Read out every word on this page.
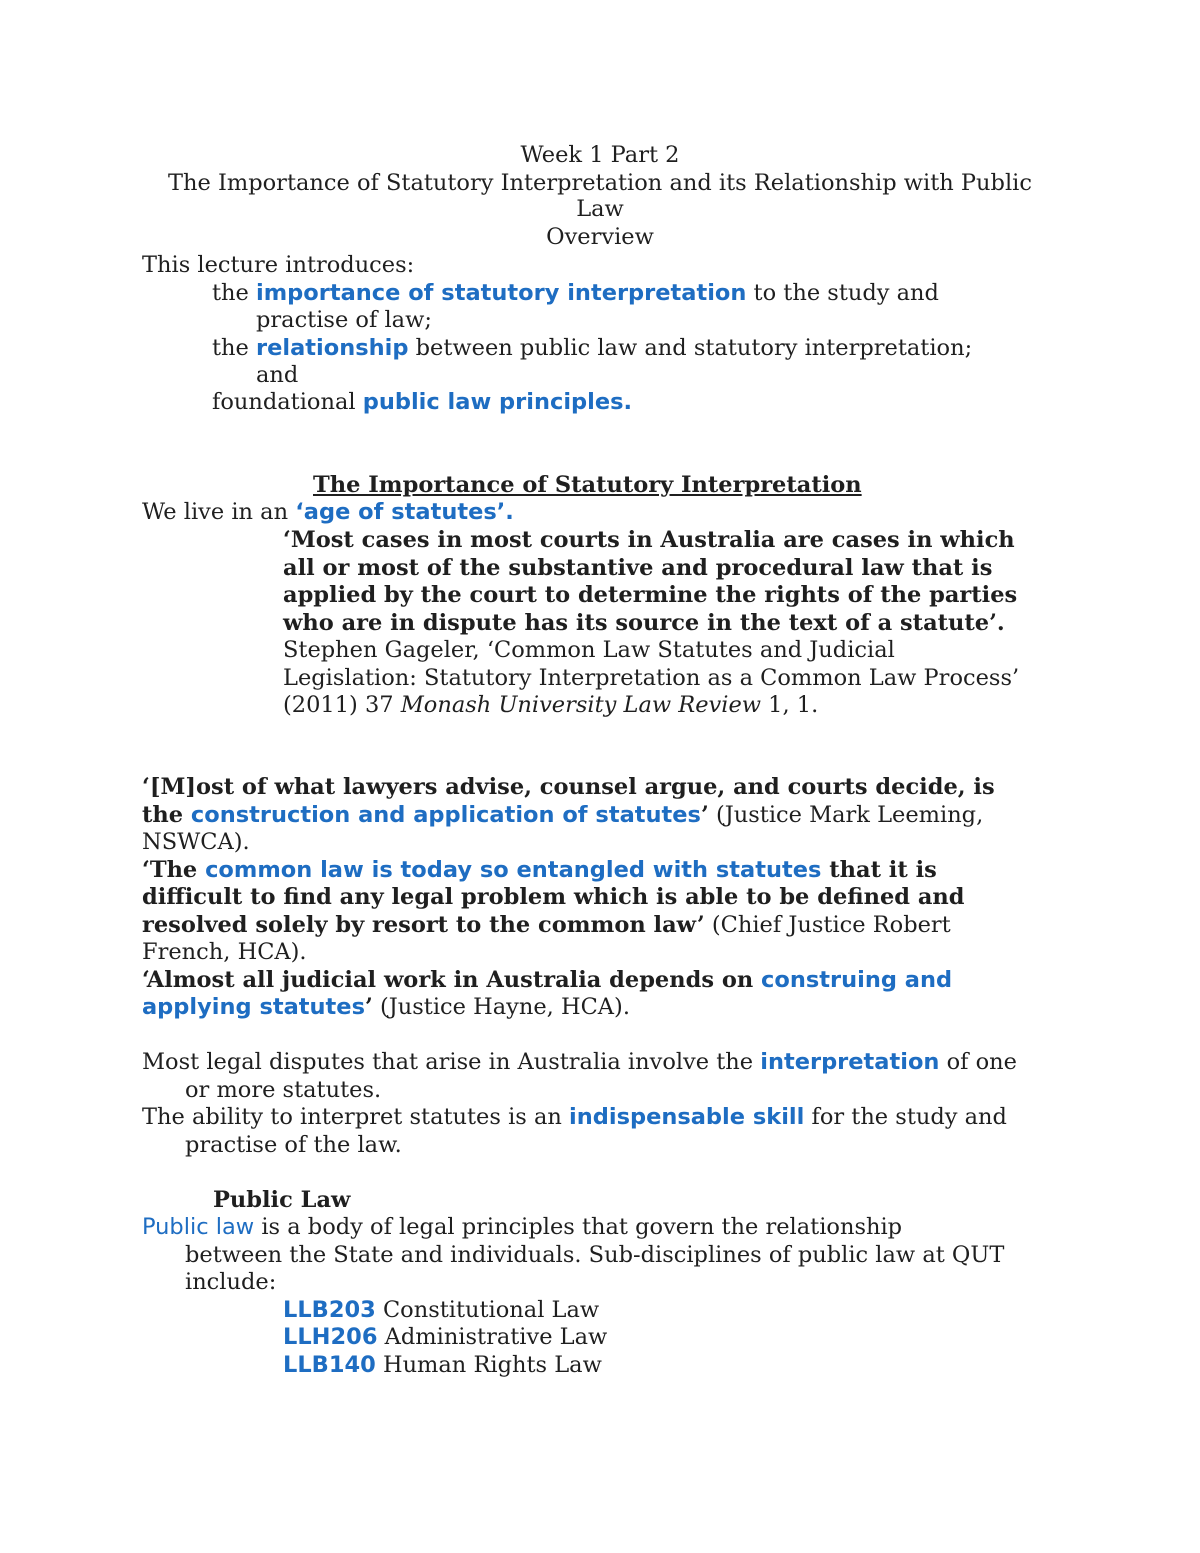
Week 1 Part 2
The Importance of Statutory Interpretation and its Relationship with Public
Law
Overview
This lecture introduces:
the importance of statutory interpretation to the study and
practise of law;
the relationship between public law and statutory interpretation;
and
foundational public law principles.
The Importance of Statutory Interpretation
We live in an ‘age of statutes’.
‘Most cases in most courts in Australia are cases in which
all or most of the substantive and procedural law that is
applied by the court to determine the rights of the parties
who are in dispute has its source in the text of a statute’.
Stephen Gageler, ‘Common Law Statutes and Judicial
Legislation: Statutory Interpretation as a Common Law Process’
(2011) 37 Monash University Law Review 1, 1.
‘[M]ost of what lawyers advise, counsel argue, and courts decide, is
the construction and application of statutes’ (Justice Mark Leeming,
NSWCA).
‘The common law is today so entangled with statutes that it is
difficult to find any legal problem which is able to be defined and
resolved solely by resort to the common law’ (Chief Justice Robert
French, HCA).
‘Almost all judicial work in Australia depends on construing and
applying statutes’ (Justice Hayne, HCA).
Most legal disputes that arise in Australia involve the interpretation of one
or more statutes.
The ability to interpret statutes is an indispensable skill for the study and
practise of the law.
Public Law
Public law is a body of legal principles that govern the relationship
between the State and individuals. Sub-disciplines of public law at QUT
include:
LLB203 Constitutional Law
LLH206 Administrative Law
LLB140 Human Rights Law
